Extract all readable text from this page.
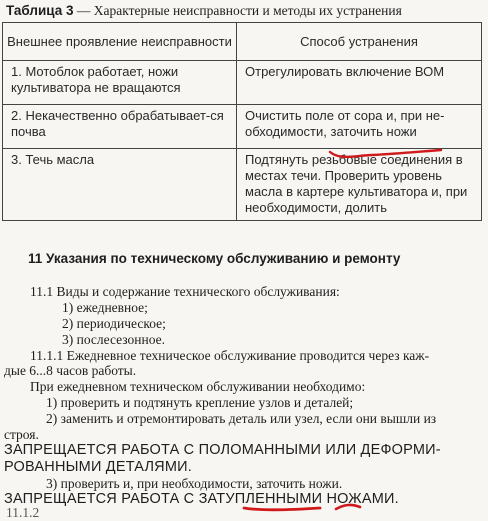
Таблица 3 — Характерные неисправности и методы их устранения
Внешнее проявление неисправности	Способ устранения
1. Мотоблок работает, ножи культиватора не вращаются	Отрегулировать включение ВОМ
2. Некачественно обрабатывает-ся почва	Очистить поле от сора и, при не-обходимости, заточить ножи
3. Течь масла	Подтянуть резьбовые соединения в местах течи. Проверить уровень масла в картере культиватора и, при необходимости, долить
11 Указания по техническому обслуживанию и ремонту
11.1 Виды и содержание технического обслуживания:
1) ежедневное;
2) периодическое;
3) послесезонное.
11.1.1 Ежедневное техническое обслуживание проводится через каж-
дые 6...8 часов работы.
При ежедневном техническом обслуживании необходимо:
1) проверить и подтянуть крепление узлов и деталей;
2) заменить и отремонтировать деталь или узел, если они вышли из
строя.
ЗАПРЕЩАЕТСЯ РАБОТА С ПОЛОМАННЫМИ ИЛИ ДЕФОРМИ-
РОВАННЫМИ ДЕТАЛЯМИ.
3) проверить и, при необходимости, заточить ножи.
ЗАПРЕЩАЕТСЯ РАБОТА С ЗАТУПЛЕННЫМИ НОЖАМИ.
11.1.2
